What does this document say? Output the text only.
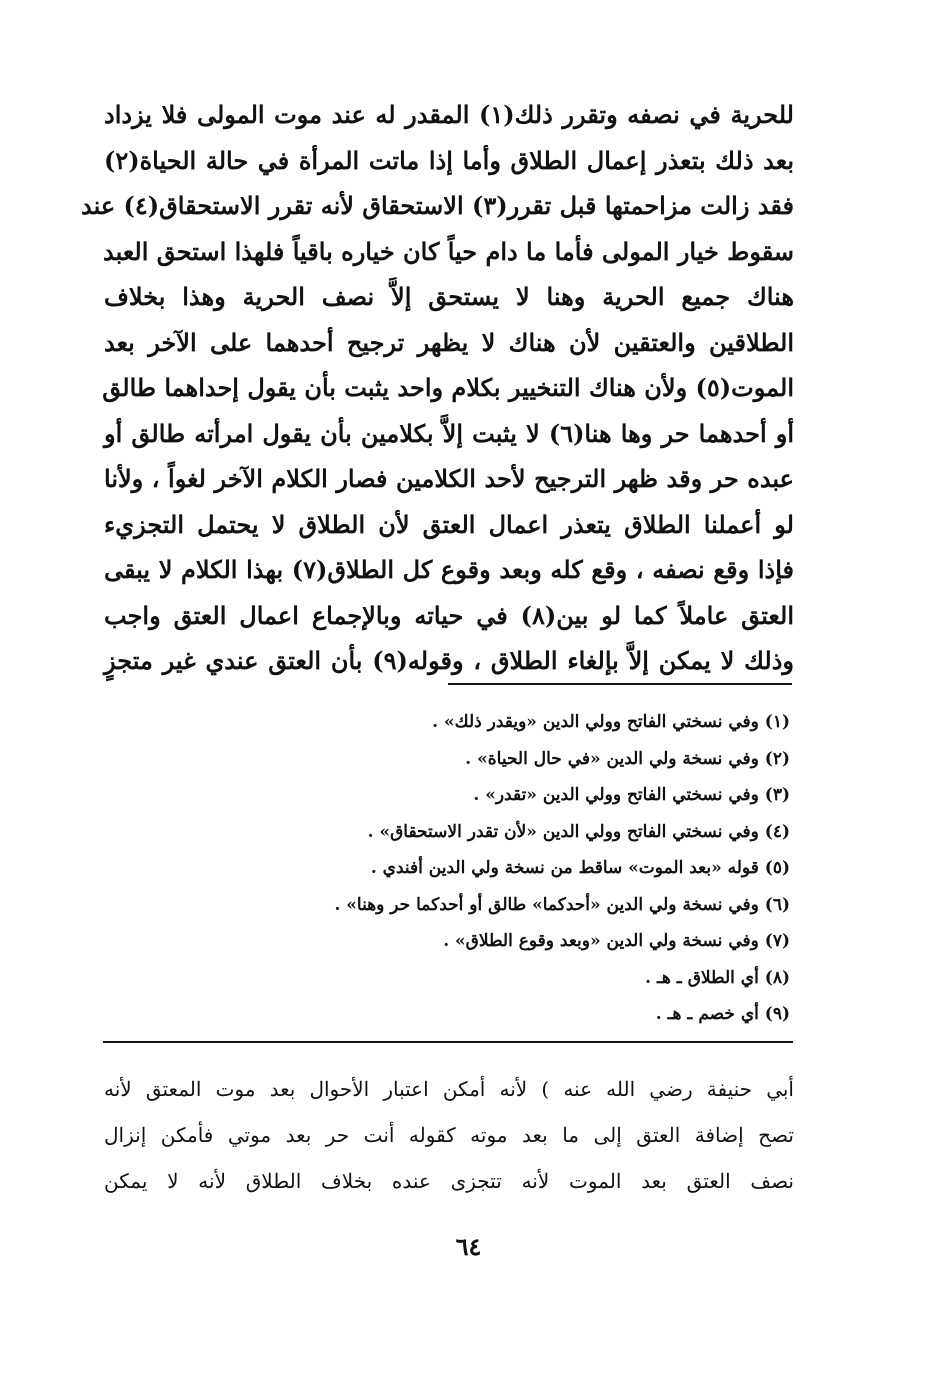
للحرية في نصفه وتقرر ذلك(١) المقدر له عند موت المولى فلا يزداد
بعد ذلك بتعذر إعمال الطلاق وأما إذا ماتت المرأة في حالة الحياة(٢)
فقد زالت مزاحمتها قبل تقرر(٣) الاستحقاق لأنه تقرر الاستحقاق(٤) عند
سقوط خيار المولى فأما ما دام حياً كان خياره باقياً فلهذا استحق العبد
هناك جميع الحرية وهنا لا يستحق إلاَّ نصف الحرية وهذا بخلاف
الطلاقين والعتقين لأن هناك لا يظهر ترجيح أحدهما على الآخر بعد
الموت(٥) ولأن هناك التنخيير بكلام واحد يثبت بأن يقول إحداهما طالق
أو أحدهما حر وها هنا(٦) لا يثبت إلاَّ بكلامين بأن يقول امرأته طالق أو
عبده حر وقد ظهر الترجيح لأحد الكلامين فصار الكلام الآخر لغواً ، ولأنا
لو أعملنا الطلاق يتعذر اعمال العتق لأن الطلاق لا يحتمل التجزيء
فإذا وقع نصفه ، وقع كله وبعد وقوع كل الطلاق(٧) بهذا الكلام لا يبقى
العتق عاملاً كما لو بين(٨) في حياته وبالإجماع اعمال العتق واجب
وذلك لا يمكن إلاَّ بإلغاء الطلاق ، وقوله(٩) بأن العتق عندي غير متجزٍ
(١) وفي نسختي الفاتح وولي الدين «ويقدر ذلك» .
(٢) وفي نسخة ولي الدين «في حال الحياة» .
(٣) وفي نسختي الفاتح وولي الدين «تقدر» .
(٤) وفي نسختي الفاتح وولي الدين «لأن تقدر الاستحقاق» .
(٥) قوله «بعد الموت» ساقط من نسخة ولي الدين أفندي .
(٦) وفي نسخة ولي الدين «أحدكما» طالق أو أحدكما حر وهنا» .
(٧) وفي نسخة ولي الدين «وبعد وقوع الطلاق» .
(٨) أي الطلاق ـ هـ .
(٩) أي خصم ـ هـ .
أبي حنيفة رضي الله عنه ) لأنه أمكن اعتبار الأحوال بعد موت المعتق لأنه
تصح إضافة العتق إلى ما بعد موته كقوله أنت حر بعد موتي فأمكن إنزال
نصف العتق بعد الموت لأنه تتجزى عنده بخلاف الطلاق لأنه لا يمكن
٦٤
